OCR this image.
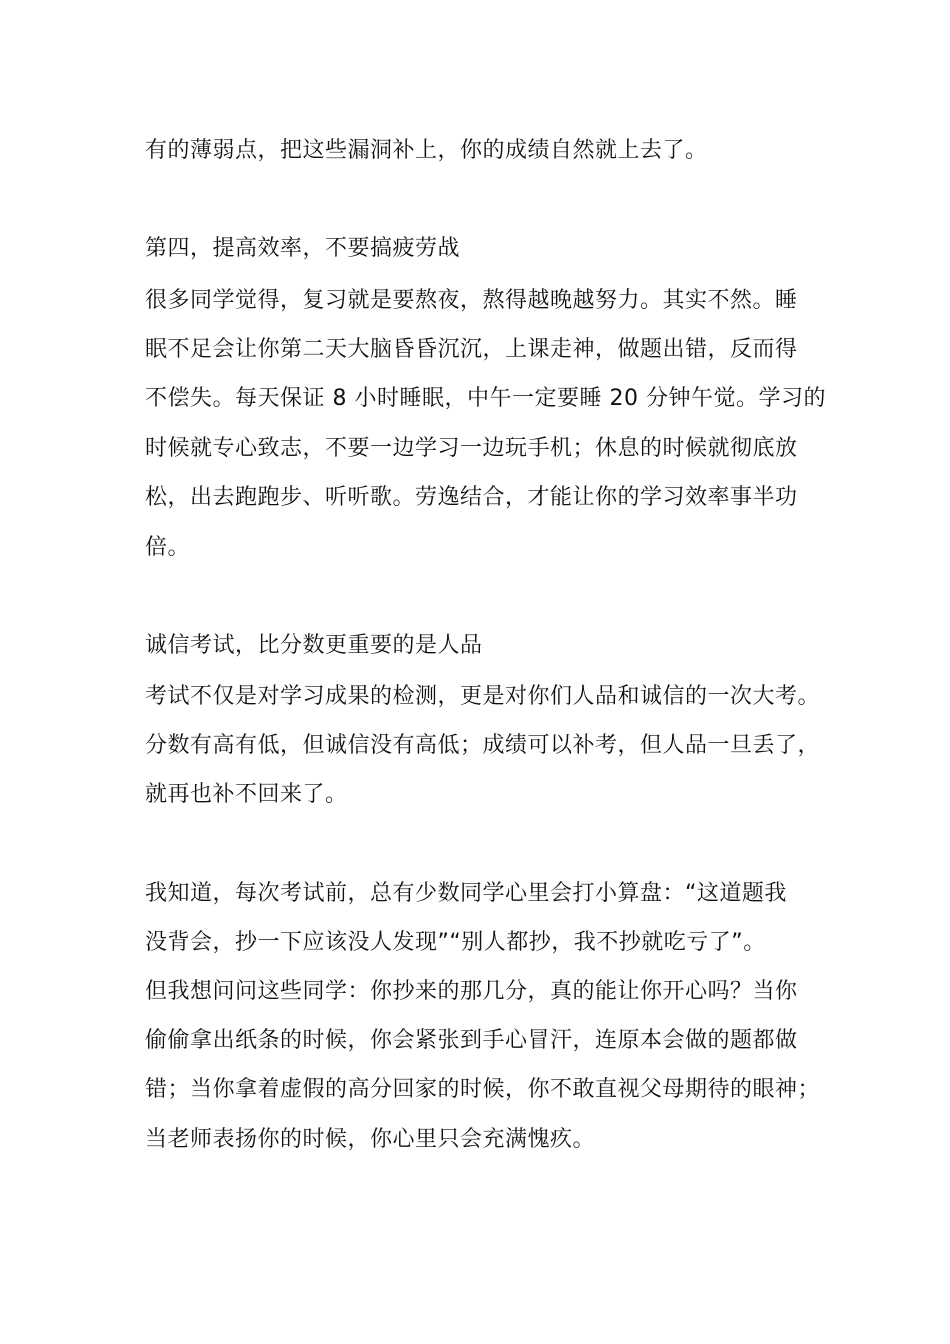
有的薄弱点，把这些漏洞补上，你的成绩自然就上去了。
第四，提高效率，不要搞疲劳战
很多同学觉得，复习就是要熬夜，熬得越晚越努力。其实不然。睡
眠不足会让你第二天大脑昏昏沉沉，上课走神，做题出错，反而得
不偿失。每天保证 8 小时睡眠，中午一定要睡 20 分钟午觉。学习的
时候就专心致志，不要一边学习一边玩手机；休息的时候就彻底放
松，出去跑跑步、听听歌。劳逸结合，才能让你的学习效率事半功
倍。
诚信考试，比分数更重要的是人品
考试不仅是对学习成果的检测，更是对你们人品和诚信的一次大考。
分数有高有低，但诚信没有高低；成绩可以补考，但人品一旦丢了，
就再也补不回来了。
我知道，每次考试前，总有少数同学心里会打小算盘：“这道题我
没背会，抄一下应该没人发现”“别人都抄，我不抄就吃亏了”。
但我想问问这些同学：你抄来的那几分，真的能让你开心吗？当你
偷偷拿出纸条的时候，你会紧张到手心冒汗，连原本会做的题都做
错；当你拿着虚假的高分回家的时候，你不敢直视父母期待的眼神；
当老师表扬你的时候，你心里只会充满愧疚。
